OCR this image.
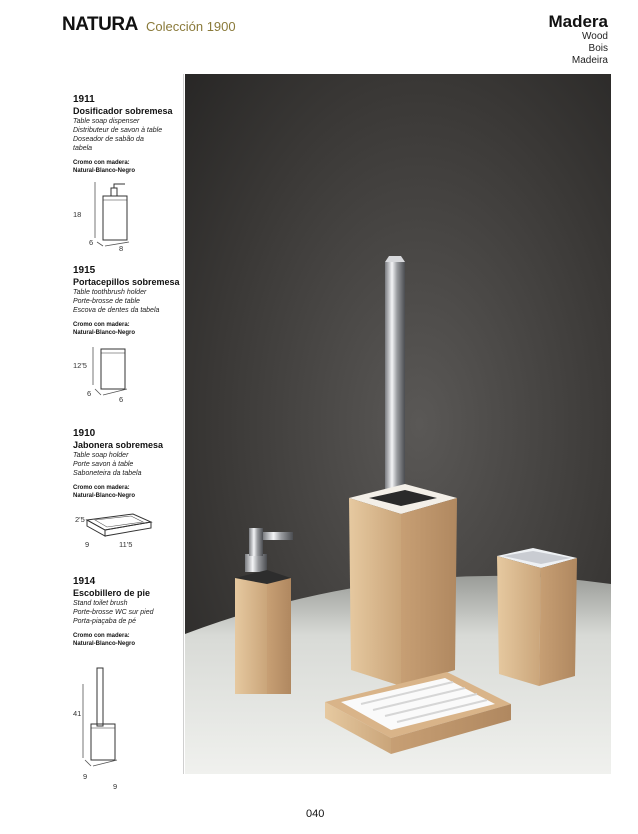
NATURA Colección 1900	Madera
Wood
Bois
Madeira
1911
Dosificador sobremesa
Table soap dispenser
Distributeur de savon à table
Doseador de sabão da
tabela
Cromo con madera:
Natural-Blanco-Negro
18
6
8
1915
Portacepillos sobremesa
Table toothbrush holder
Porte-brosse de table
Escova de dentes da tabela
Cromo con madera:
Natural-Blanco-Negro
12'5
6
6
1910
Jabonera sobremesa
Table soap holder
Porte savon à table
Saboneteira da tabela
Cromo con madera:
Natural-Blanco-Negro
2'5
9	11'5
1914
Escobillero de pie
Stand toilet brush
Porte-brosse WC sur pied
Porta-piaçaba de pé
Cromo con madera:
Natural-Blanco-Negro
41
9
9
040
